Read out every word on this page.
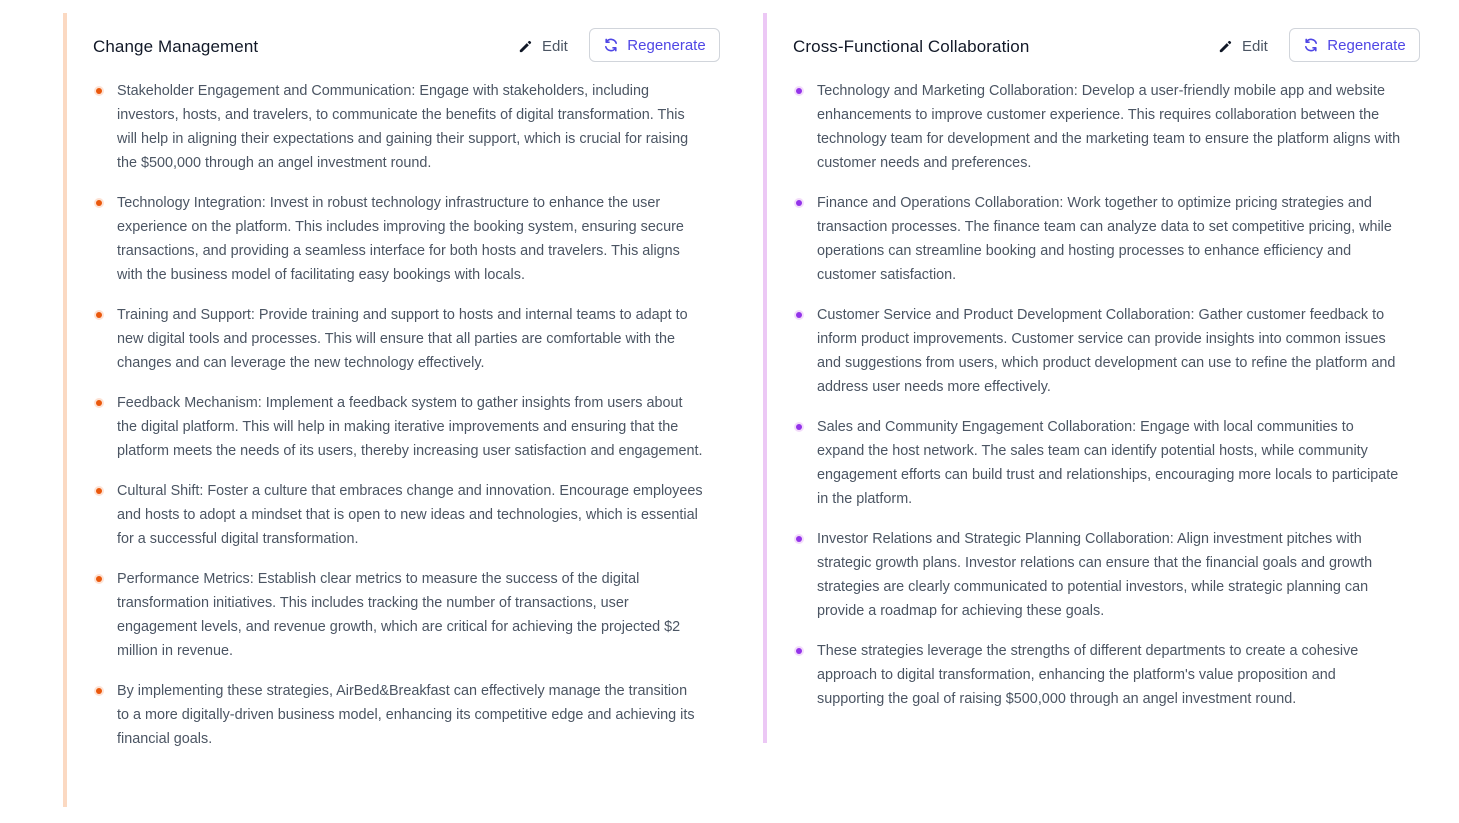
Change Management	Edit	Regenerate
Stakeholder Engagement and Communication: Engage with stakeholders, including investors, hosts, and travelers, to communicate the benefits of digital transformation. This will help in aligning their expectations and gaining their support, which is crucial for raising the $500,000 through an angel investment round.
Technology Integration: Invest in robust technology infrastructure to enhance the user experience on the platform. This includes improving the booking system, ensuring secure transactions, and providing a seamless interface for both hosts and travelers. This aligns with the business model of facilitating easy bookings with locals.
Training and Support: Provide training and support to hosts and internal teams to adapt to new digital tools and processes. This will ensure that all parties are comfortable with the changes and can leverage the new technology effectively.
Feedback Mechanism: Implement a feedback system to gather insights from users about the digital platform. This will help in making iterative improvements and ensuring that the platform meets the needs of its users, thereby increasing user satisfaction and engagement.
Cultural Shift: Foster a culture that embraces change and innovation. Encourage employees and hosts to adopt a mindset that is open to new ideas and technologies, which is essential for a successful digital transformation.
Performance Metrics: Establish clear metrics to measure the success of the digital transformation initiatives. This includes tracking the number of transactions, user engagement levels, and revenue growth, which are critical for achieving the projected $2 million in revenue.
By implementing these strategies, AirBed&Breakfast can effectively manage the transition to a more digitally-driven business model, enhancing its competitive edge and achieving its financial goals.
Cross-Functional Collaboration	Edit	Regenerate
Technology and Marketing Collaboration: Develop a user-friendly mobile app and website enhancements to improve customer experience. This requires collaboration between the technology team for development and the marketing team to ensure the platform aligns with customer needs and preferences.
Finance and Operations Collaboration: Work together to optimize pricing strategies and transaction processes. The finance team can analyze data to set competitive pricing, while operations can streamline booking and hosting processes to enhance efficiency and customer satisfaction.
Customer Service and Product Development Collaboration: Gather customer feedback to inform product improvements. Customer service can provide insights into common issues and suggestions from users, which product development can use to refine the platform and address user needs more effectively.
Sales and Community Engagement Collaboration: Engage with local communities to expand the host network. The sales team can identify potential hosts, while community engagement efforts can build trust and relationships, encouraging more locals to participate in the platform.
Investor Relations and Strategic Planning Collaboration: Align investment pitches with strategic growth plans. Investor relations can ensure that the financial goals and growth strategies are clearly communicated to potential investors, while strategic planning can provide a roadmap for achieving these goals.
These strategies leverage the strengths of different departments to create a cohesive approach to digital transformation, enhancing the platform's value proposition and supporting the goal of raising $500,000 through an angel investment round.
